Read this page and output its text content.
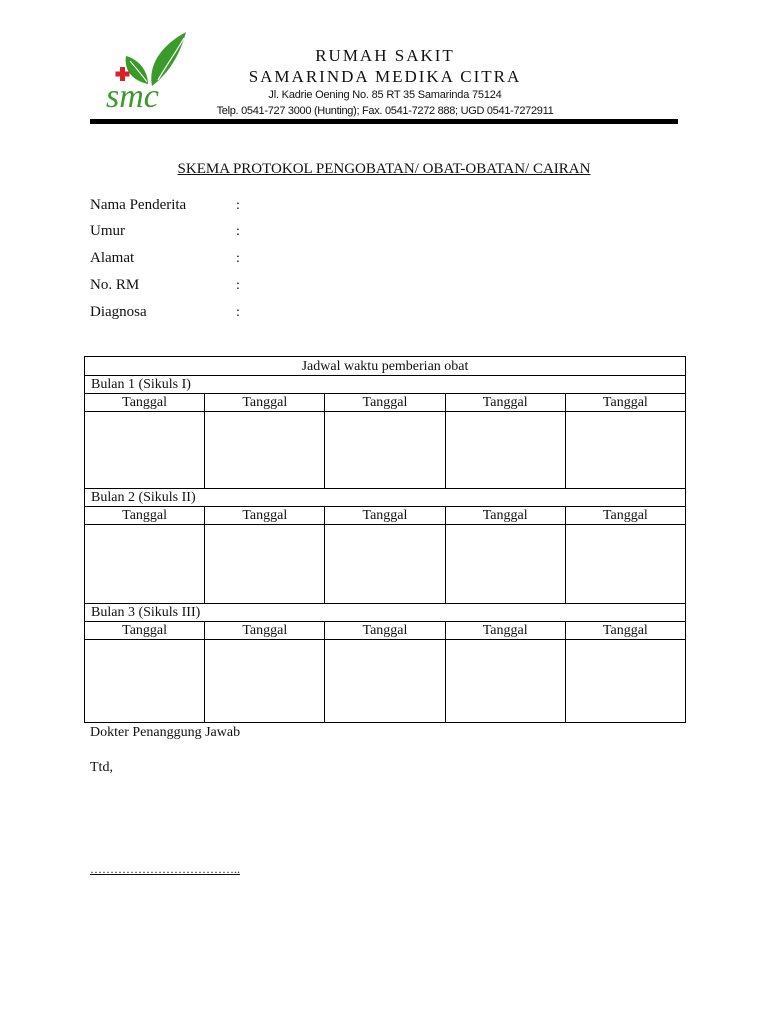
smc
RUMAH SAKIT
SAMARINDA MEDIKA CITRA
Jl. Kadrie Oening No. 85 RT 35 Samarinda 75124
Telp. 0541-727 3000 (Hunting); Fax. 0541-7272 888; UGD 0541-7272911
SKEMA PROTOKOL PENGOBATAN/ OBAT-OBATAN/ CAIRAN
Nama Penderita	:
Umur	:
Alamat	:
No. RM	:
Diagnosa	:
Jadwal waktu pemberian obat				
Bulan 1 (Sikuls I)				
Tanggal	Tanggal	Tanggal	Tanggal	Tanggal

Bulan 2 (Sikuls II)				
Tanggal	Tanggal	Tanggal	Tanggal	Tanggal

Bulan 3 (Sikuls III)				
Tanggal	Tanggal	Tanggal	Tanggal	Tanggal

Dokter Penanggung Jawab
Ttd,
………………………………..
